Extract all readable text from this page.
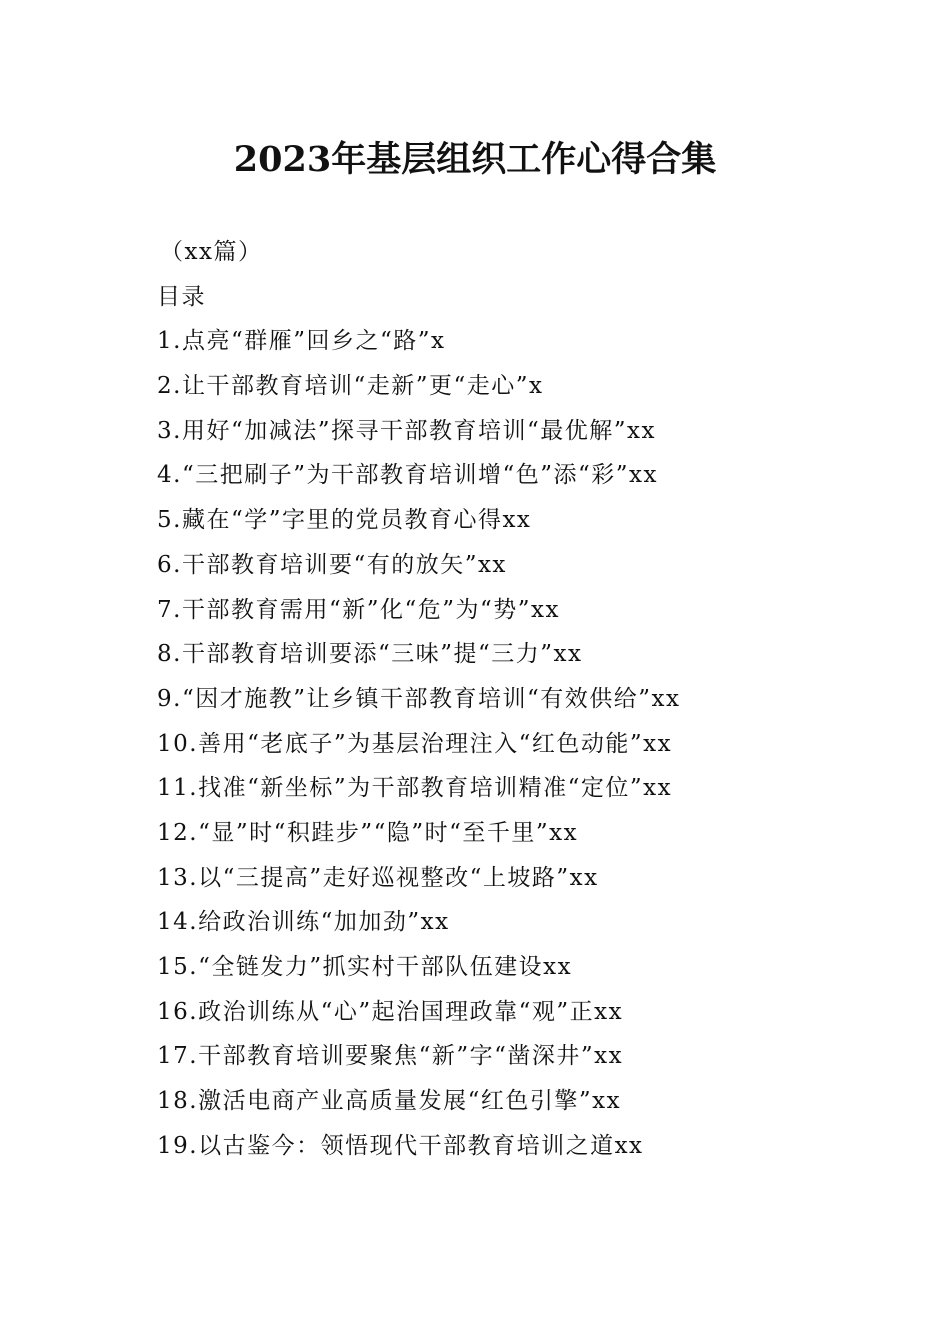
2023年基层组织工作心得合集
（xx篇）
目录
1.点亮“群雁”回乡之“路”x
2.让干部教育培训“走新”更“走心”x
3.用好“加减法”探寻干部教育培训“最优解”xx
4.“三把刷子”为干部教育培训增“色”添“彩”xx
5.藏在“学”字里的党员教育心得xx
6.干部教育培训要“有的放矢”xx
7.干部教育需用“新”化“危”为“势”xx
8.干部教育培训要添“三味”提“三力”xx
9.“因才施教”让乡镇干部教育培训“有效供给”xx
10.善用“老底子”为基层治理注入“红色动能”xx
11.找准“新坐标”为干部教育培训精准“定位”xx
12.“显”时“积跬步”“隐”时“至千里”xx
13.以“三提高”走好巡视整改“上坡路”xx
14.给政治训练“加加劲”xx
15.“全链发力”抓实村干部队伍建设xx
16.政治训练从“心”起治国理政靠“观”正xx
17.干部教育培训要聚焦“新”字“凿深井”xx
18.激活电商产业高质量发展“红色引擎”xx
19.以古鉴今：领悟现代干部教育培训之道xx
